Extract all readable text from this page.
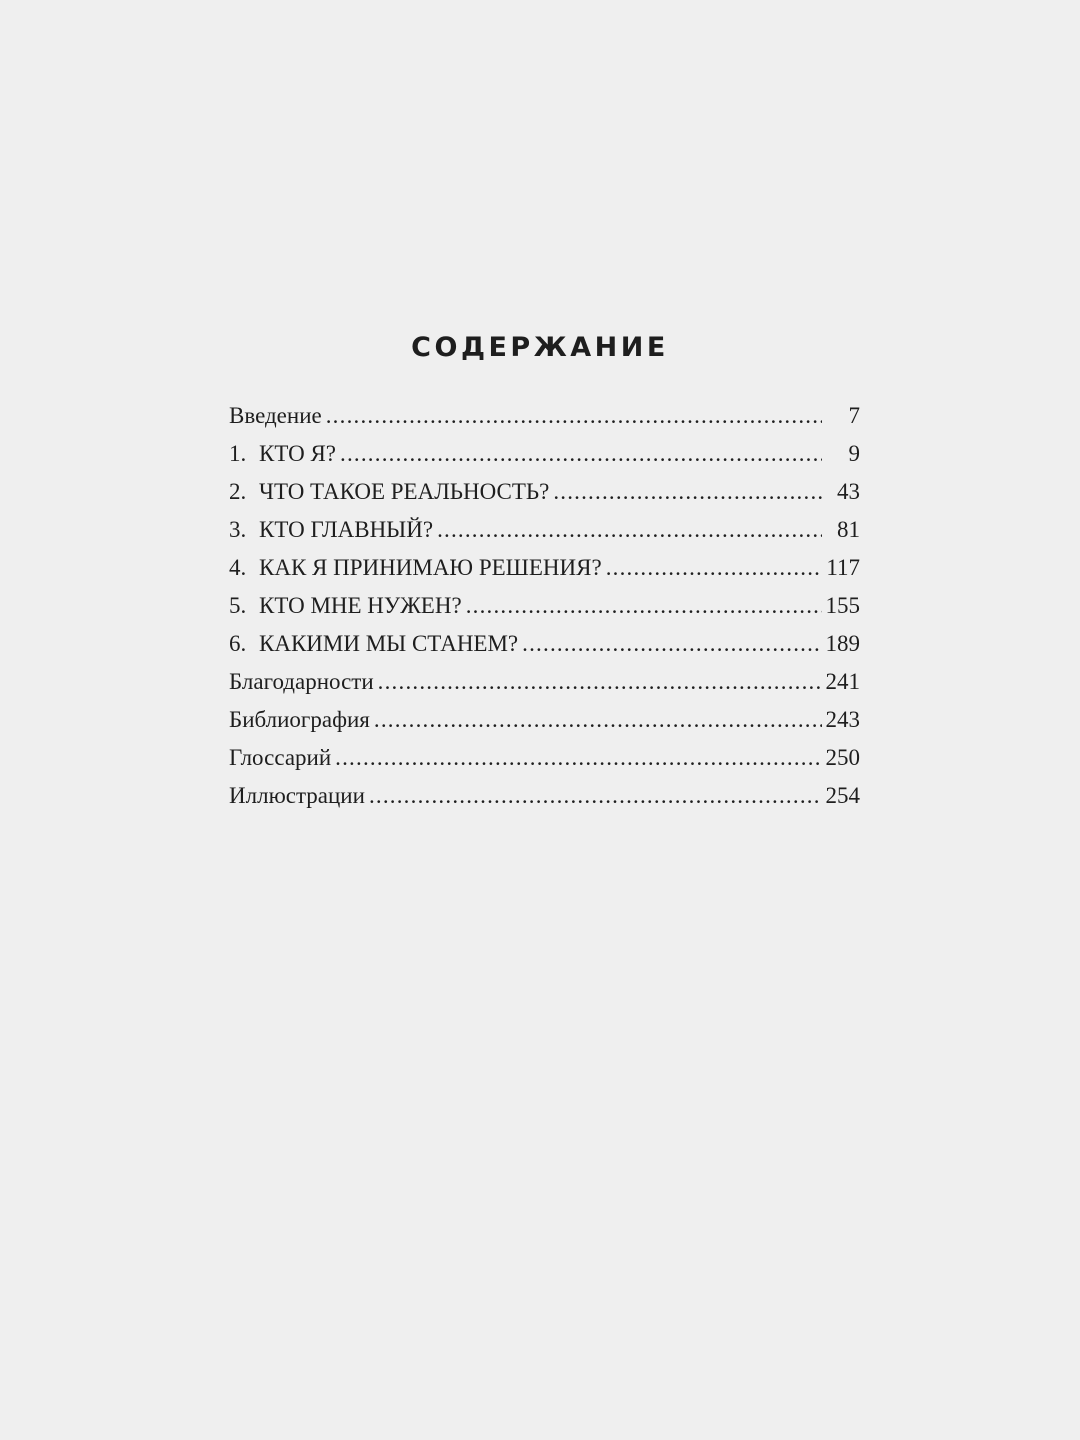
СОДЕРЖАНИЕ
Введение .....	7
1. КТО Я? .....	9
2. ЧТО ТАКОЕ РЕАЛЬНОСТЬ? .....	43
3. КТО ГЛАВНЫЙ? .....	81
4. КАК Я ПРИНИМАЮ РЕШЕНИЯ? .....	117
5. КТО МНЕ НУЖЕН? .....	155
6. КАКИМИ МЫ СТАНЕМ? .....	189
Благодарности .....	241
Библиография .....	243
Глоссарий .....	250
Иллюстрации .....	254
